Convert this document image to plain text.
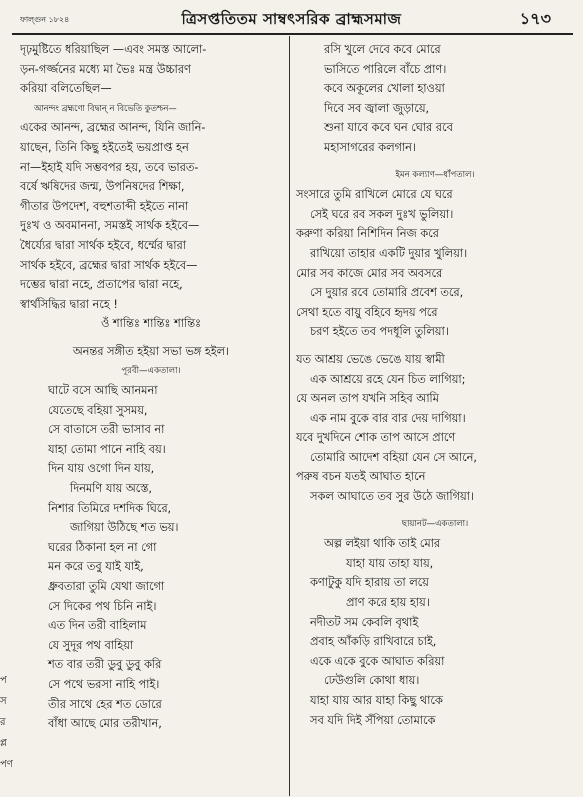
ফাল্গুন ১৮২৪	ত্রিসপ্ততিতম সাম্বৎসরিক ব্রাহ্মসমাজ	১৭৩
প
স
র
প্ল
পণ
দৃঢ়মুষ্টিতে ধরিয়াছিল —এবং সমস্ত আলো-
ড়ন-গর্জ্জনের মধ্যে মা ভৈঃ মন্ত্র উচ্চারণ
করিয়া বলিতেছিল—
আনন্দং ব্রহ্মণো বিদ্বান্ ন বিভেতি কুতশ্চন—
একের আনন্দ, ব্রহ্মের আনন্দ, যিনি জানি-
য়াছেন, তিনি কিছু হইতেই ভয়প্রাপ্ত হন
না—ইহাই যদি সম্ভবপর হয়, তবে ভারত-
বর্ষে ঋষিদের জন্ম, উপনিষদের শিক্ষা,
গীতার উপদেশ, বহুশতাব্দী হইতে নানা
দুঃখ ও অবমাননা, সমস্তই সার্থক হইবে—
ধৈর্য্যের দ্বারা সার্থক হইবে, ধর্ম্মের দ্বারা
সার্থক হইবে, ব্রহ্মের দ্বারা সার্থক হইবে—
দম্ভের দ্বারা নহে, প্রতাপের দ্বারা নহে,
স্বার্থসিদ্ধির দ্বারা নহে !
ওঁ শান্তিঃ শান্তিঃ শান্তিঃ
অনন্তর সঙ্গীত হইয়া সভা ভঙ্গ হইল।
পূরবী—একতালা।
ঘাটে বসে আছি আনমনা
যেতেছে বহিয়া সুসময়,
সে বাতাসে তরী ভাসাব না
যাহা তোমা পানে নাহি বয়।
দিন যায় ওগো দিন যায়,
দিনমণি যায় অস্তে,
নিশার তিমিরে দশদিক ঘিরে,
জাগিয়া উঠিছে শত ভয়।
ঘরের ঠিকানা হল না গো
মন করে তবু যাই যাই,
ধ্রুবতারা তুমি যেথা জাগো
সে দিকের পথ চিনি নাই।
এত দিন তরী বাহিলাম
যে সুদূর পথ বাহিয়া
শত বার তরী ডুবু ডুবু করি
সে পথে ভরসা নাহি পাই।
তীর সাথে হের শত ডোরে
বাঁধা আছে মোর তরীখান,
রসি খুলে দেবে কবে মোরে
ভাসিতে পারিলে বাঁচে প্রাণ।
কবে অকূলের খোলা হাওয়া
দিবে সব জ্বালা জুড়ায়ে,
শুনা যাবে কবে ঘন ঘোর রবে
মহাসাগরের কলগান।
ইমন কল্যাণ—ধাঁপতাল।
সংসারে তুমি রাখিলে মোরে যে ঘরে
সেই ঘরে রব সকল দুঃখ ভুলিয়া।
করুণা করিয়া নিশিদিন নিজ করে
রাখিয়ো তাহার একটি দুয়ার খুলিয়া।
মোর সব কাজে মোর সব অবসরে
সে দুয়ার রবে তোমারি প্রবেশ তরে,
সেথা হতে বায়ু বহিবে হৃদয় পরে
চরণ হইতে তব পদধূলি তুলিয়া।
যত আশ্রয় ভেঙে ভেঙে যায় স্বামী
এক আশ্রয়ে রহে যেন চিত লাগিয়া;
যে অনল তাপ যখনি সহিব আমি
এক নাম বুকে বার বার দেয় দাগিয়া।
যবে দুখদিনে শোক তাপ আসে প্রাণে
তোমারি আদেশ বহিয়া যেন সে আনে,
পরুষ বচন যতই আঘাত হানে
সকল আঘাতে তব সুর উঠে জাগিয়া।
ছায়ানট—একতালা।
অল্প লইয়া থাকি তাই মোর
যাহা যায় তাহা যায়,
কণাটুকু যদি হারায় তা লয়ে
প্রাণ করে হায় হায়।
নদীতট সম কেবলি বৃথাই
প্রবাহ আঁকড়ি রাখিবারে চাই,
একে একে বুকে আঘাত করিয়া
ঢেউগুলি কোথা ধায়।
যাহা যায় আর যাহা কিছু থাকে
সব যদি দিই সঁপিয়া তোমাকে
